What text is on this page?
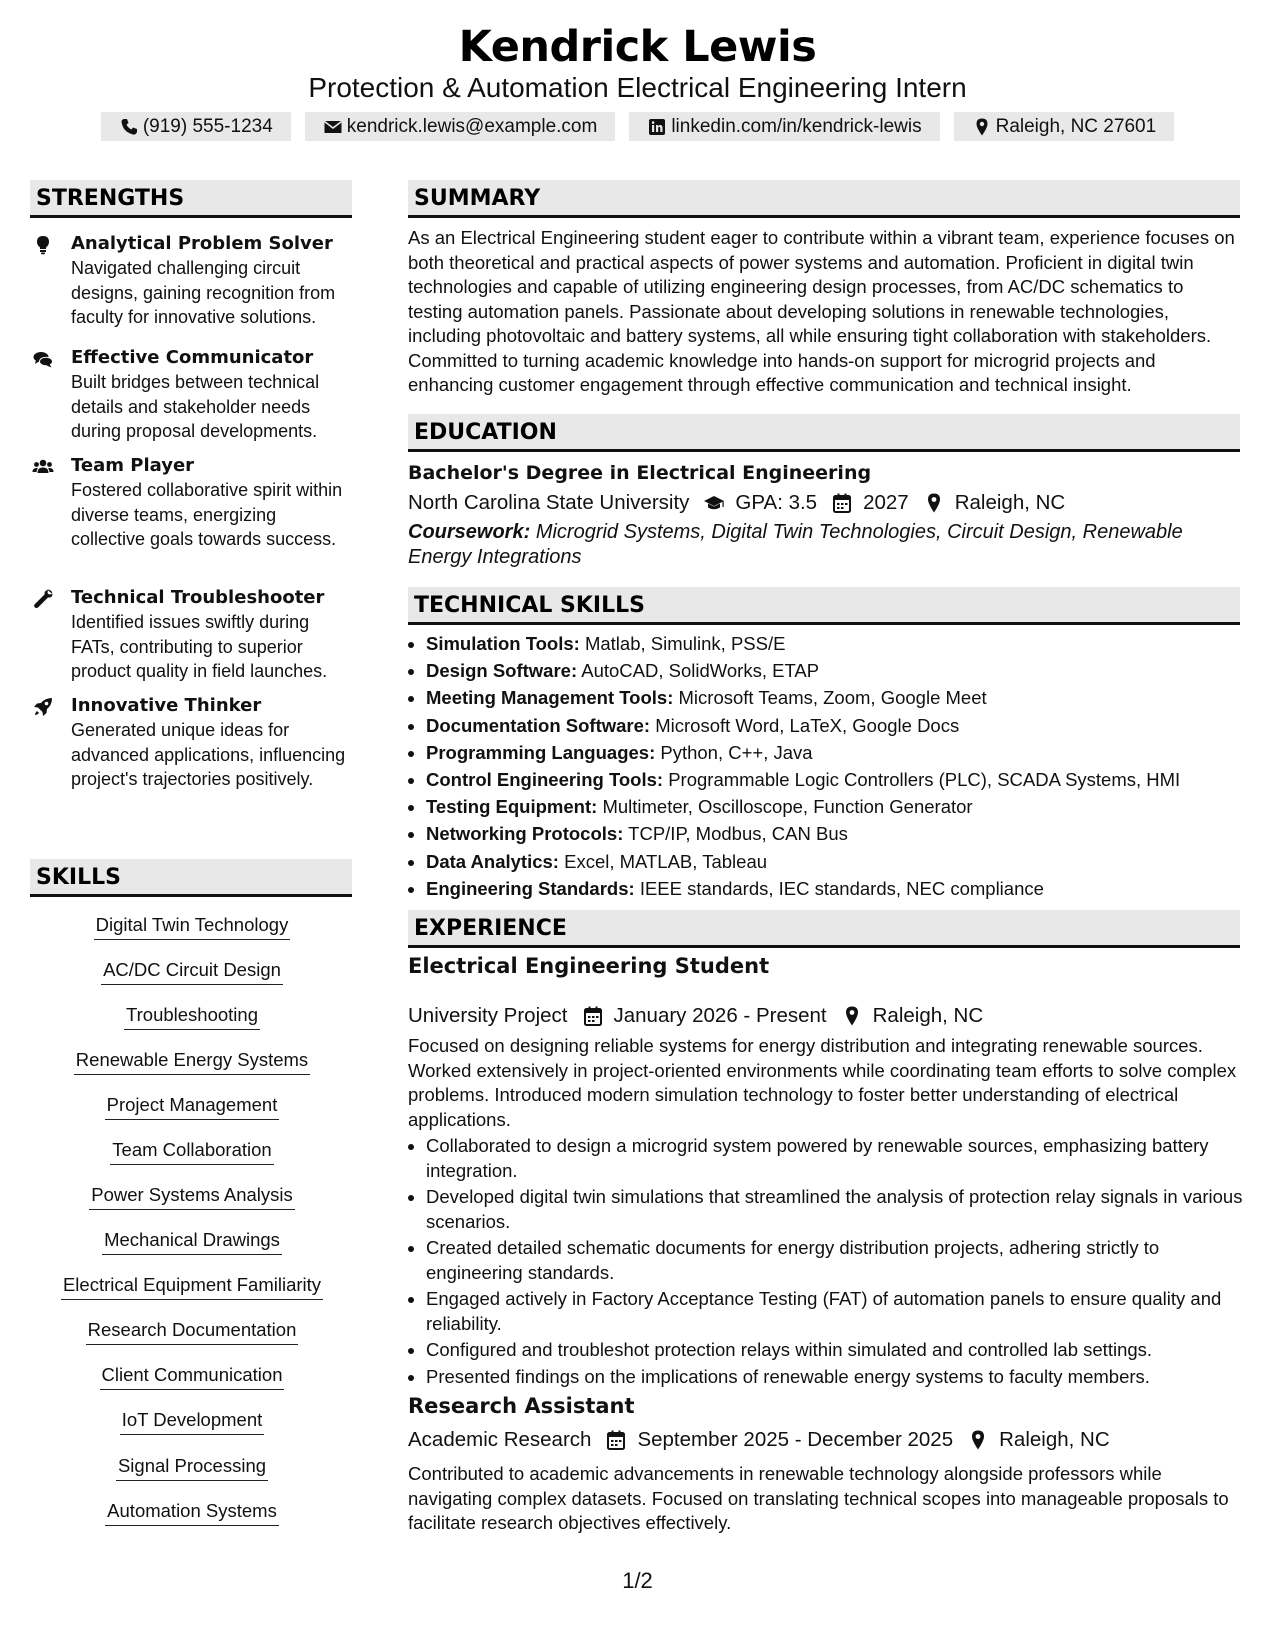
Kendrick Lewis
Protection & Automation Electrical Engineering Intern
(919) 555-1234	kendrick.lewis@example.com	linkedin.com/in/kendrick-lewis	Raleigh, NC 27601
STRENGTHS
Analytical Problem Solver
Navigated challenging circuit designs, gaining recognition from faculty for innovative solutions.
Effective Communicator
Built bridges between technical details and stakeholder needs during proposal developments.
Team Player
Fostered collaborative spirit within diverse teams, energizing collective goals towards success.
Technical Troubleshooter
Identified issues swiftly during FATs, contributing to superior product quality in field launches.
Innovative Thinker
Generated unique ideas for advanced applications, influencing project's trajectories positively.
SKILLS
Digital Twin Technology
AC/DC Circuit Design
Troubleshooting
Renewable Energy Systems
Project Management
Team Collaboration
Power Systems Analysis
Mechanical Drawings
Electrical Equipment Familiarity
Research Documentation
Client Communication
IoT Development
Signal Processing
Automation Systems
SUMMARY
As an Electrical Engineering student eager to contribute within a vibrant team, experience focuses on both theoretical and practical aspects of power systems and automation. Proficient in digital twin technologies and capable of utilizing engineering design processes, from AC/DC schematics to testing automation panels. Passionate about developing solutions in renewable technologies, including photovoltaic and battery systems, all while ensuring tight collaboration with stakeholders. Committed to turning academic knowledge into hands-on support for microgrid projects and enhancing customer engagement through effective communication and technical insight.
EDUCATION
Bachelor's Degree in Electrical Engineering
North Carolina State University GPA: 3.5 2027 Raleigh, NC
Coursework: Microgrid Systems, Digital Twin Technologies, Circuit Design, Renewable Energy Integrations
TECHNICAL SKILLS
• Simulation Tools: Matlab, Simulink, PSS/E
• Design Software: AutoCAD, SolidWorks, ETAP
• Meeting Management Tools: Microsoft Teams, Zoom, Google Meet
• Documentation Software: Microsoft Word, LaTeX, Google Docs
• Programming Languages: Python, C++, Java
• Control Engineering Tools: Programmable Logic Controllers (PLC), SCADA Systems, HMI
• Testing Equipment: Multimeter, Oscilloscope, Function Generator
• Networking Protocols: TCP/IP, Modbus, CAN Bus
• Data Analytics: Excel, MATLAB, Tableau
• Engineering Standards: IEEE standards, IEC standards, NEC compliance
EXPERIENCE
Electrical Engineering Student
University Project January 2026 - Present Raleigh, NC
Focused on designing reliable systems for energy distribution and integrating renewable sources. Worked extensively in project-oriented environments while coordinating team efforts to solve complex problems. Introduced modern simulation technology to foster better understanding of electrical applications.
• Collaborated to design a microgrid system powered by renewable sources, emphasizing battery integration.
• Developed digital twin simulations that streamlined the analysis of protection relay signals in various scenarios.
• Created detailed schematic documents for energy distribution projects, adhering strictly to engineering standards.
• Engaged actively in Factory Acceptance Testing (FAT) of automation panels to ensure quality and reliability.
• Configured and troubleshot protection relays within simulated and controlled lab settings.
• Presented findings on the implications of renewable energy systems to faculty members.
Research Assistant
Academic Research September 2025 - December 2025 Raleigh, NC
Contributed to academic advancements in renewable technology alongside professors while navigating complex datasets. Focused on translating technical scopes into manageable proposals to facilitate research objectives effectively.
1/2
